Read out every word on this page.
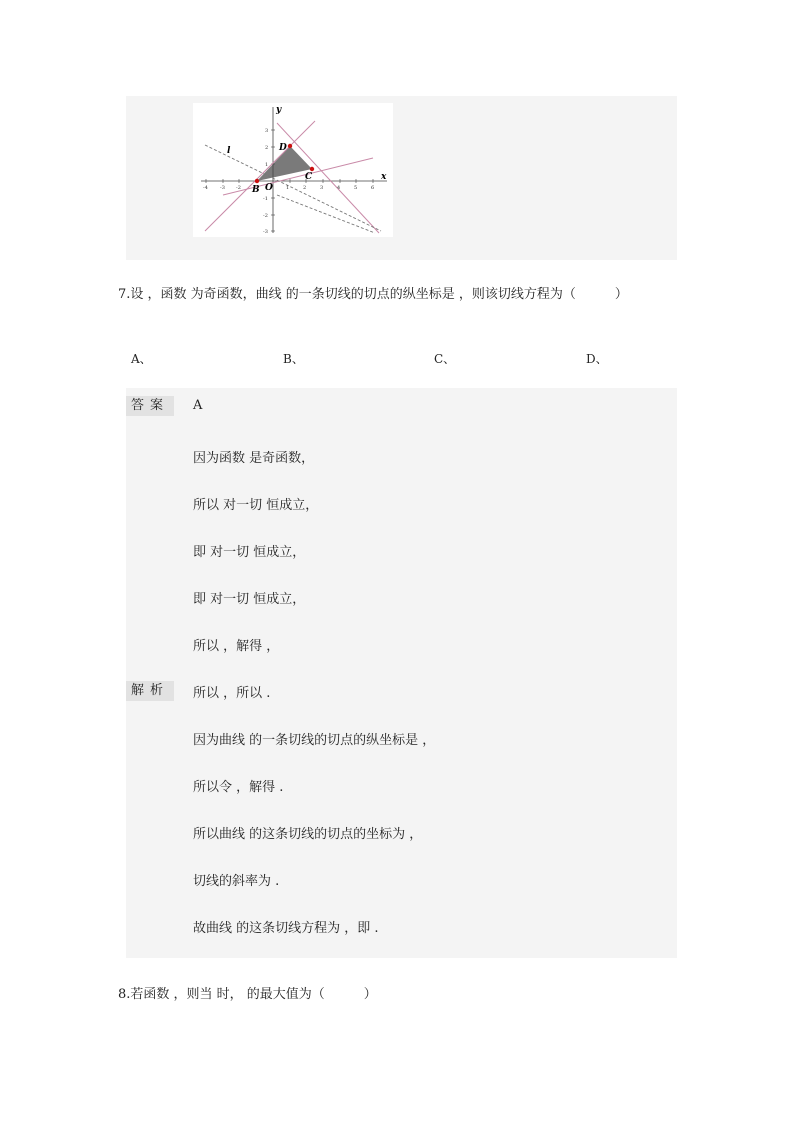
x
y
B O
C
D
l
-4 -3 -2	1	2	3	4	5	6
3
2
1
-1
-2
-3
7.设 ，函数 为奇函数，曲线 的一条切线的切点的纵坐标是 ，则该切线方程为（　　　）
A、	B、	C、	D、
答案	A
因为函数 是奇函数，
所以 对一切 恒成立，
即 对一切 恒成立，
即 对一切 恒成立，
所以 ，解得 ，
解析	所以 ，所以 .
因为曲线 的一条切线的切点的纵坐标是 ，
所以令 ，解得 .
所以曲线 的这条切线的切点的坐标为 ，
切线的斜率为 .
故曲线 的这条切线方程为 ，即 .
8.若函数 ，则当 时， 的最大值为（　　　）
